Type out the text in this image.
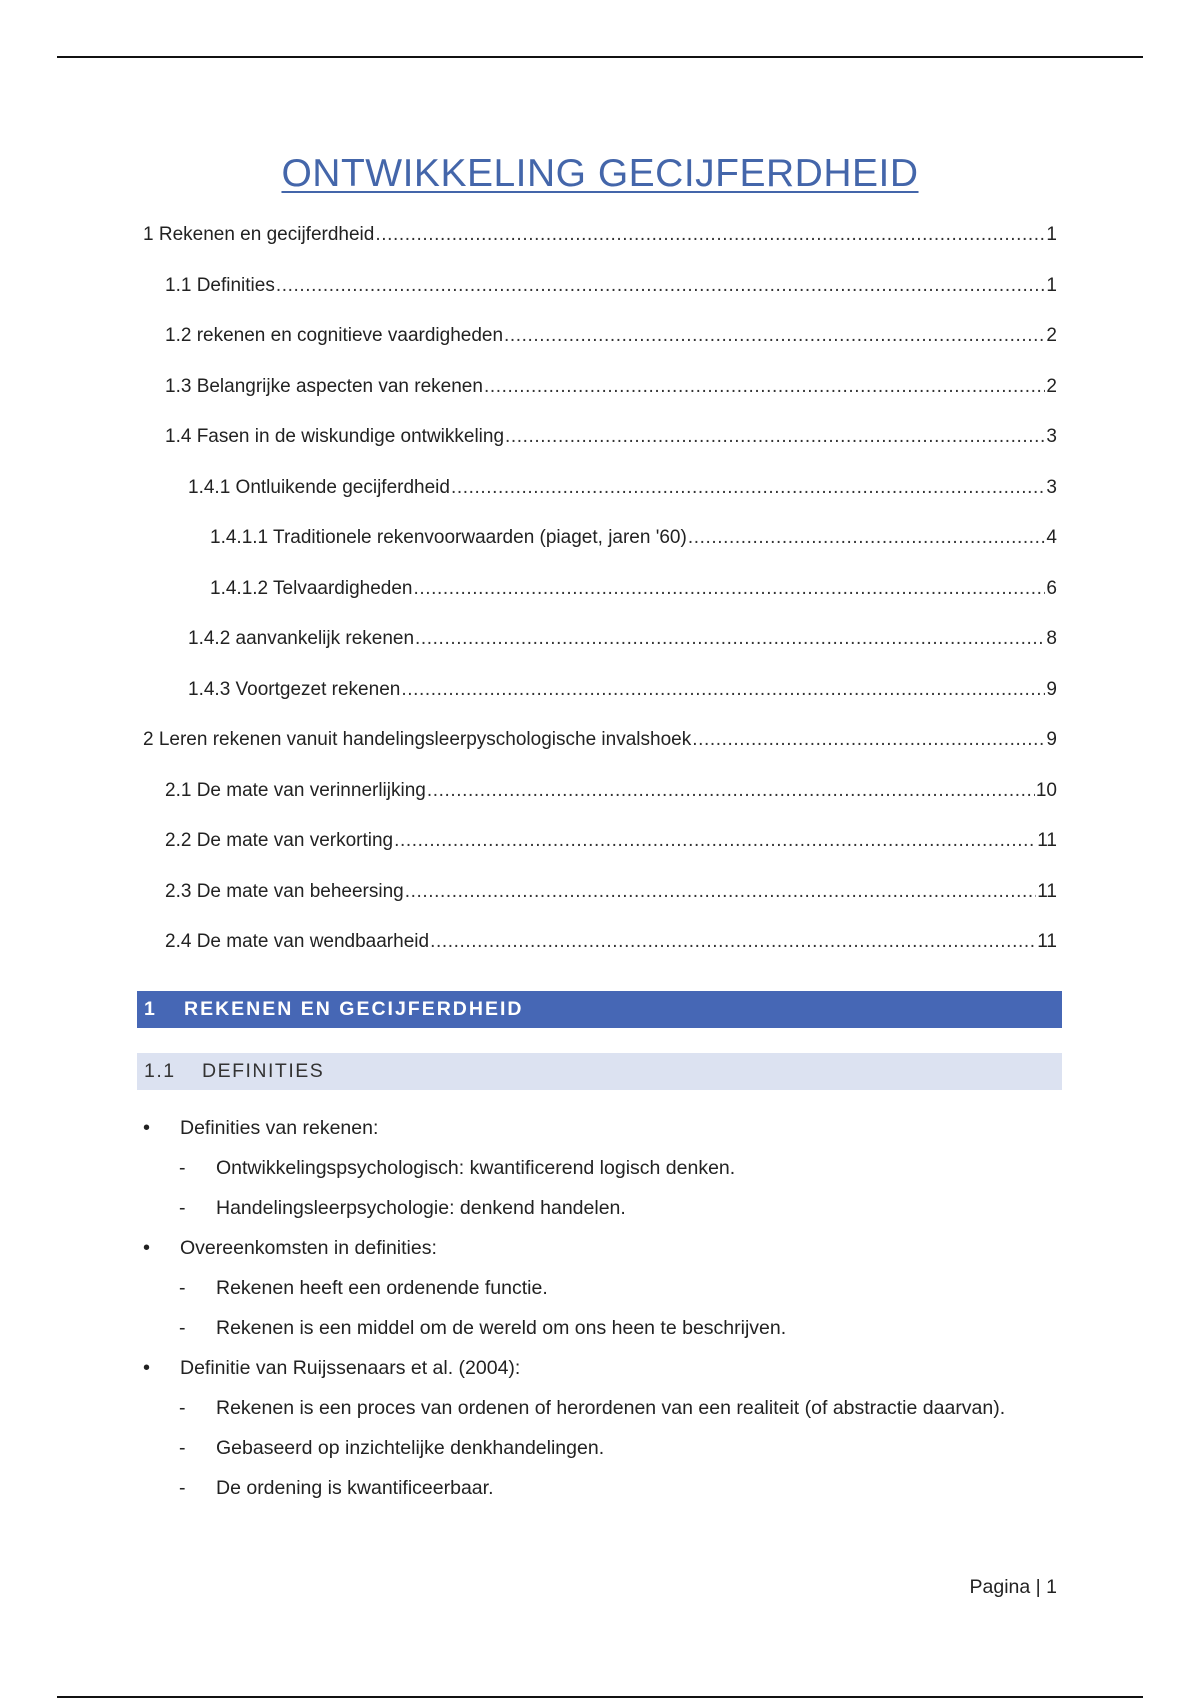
ONTWIKKELING GECIJFERDHEID
1 Rekenen en gecijferdheid .....	1
1.1 Definities .....	1
1.2 rekenen en cognitieve vaardigheden .....	2
1.3 Belangrijke aspecten van rekenen .....	2
1.4 Fasen in de wiskundige ontwikkeling .....	3
1.4.1 Ontluikende gecijferdheid .....	3
1.4.1.1 Traditionele rekenvoorwaarden (piaget, jaren '60) .....	4
1.4.1.2 Telvaardigheden .....	6
1.4.2 aanvankelijk rekenen .....	8
1.4.3 Voortgezet rekenen .....	9
2 Leren rekenen vanuit handelingsleerpyschologische invalshoek .....	9
2.1 De mate van verinnerlijking .....	10
2.2 De mate van verkorting .....	11
2.3 De mate van beheersing .....	11
2.4 De mate van wendbaarheid .....	11
1	REKENEN EN GECIJFERDHEID
1.1	DEFINITIES
• Definities van rekenen:
- Ontwikkelingspsychologisch: kwantificerend logisch denken.
- Handelingsleerpsychologie: denkend handelen.
• Overeenkomsten in definities:
- Rekenen heeft een ordenende functie.
- Rekenen is een middel om de wereld om ons heen te beschrijven.
• Definitie van Ruijssenaars et al. (2004):
- Rekenen is een proces van ordenen of herordenen van een realiteit (of abstractie daarvan).
- Gebaseerd op inzichtelijke denkhandelingen.
- De ordening is kwantificeerbaar.
Pagina | 1
